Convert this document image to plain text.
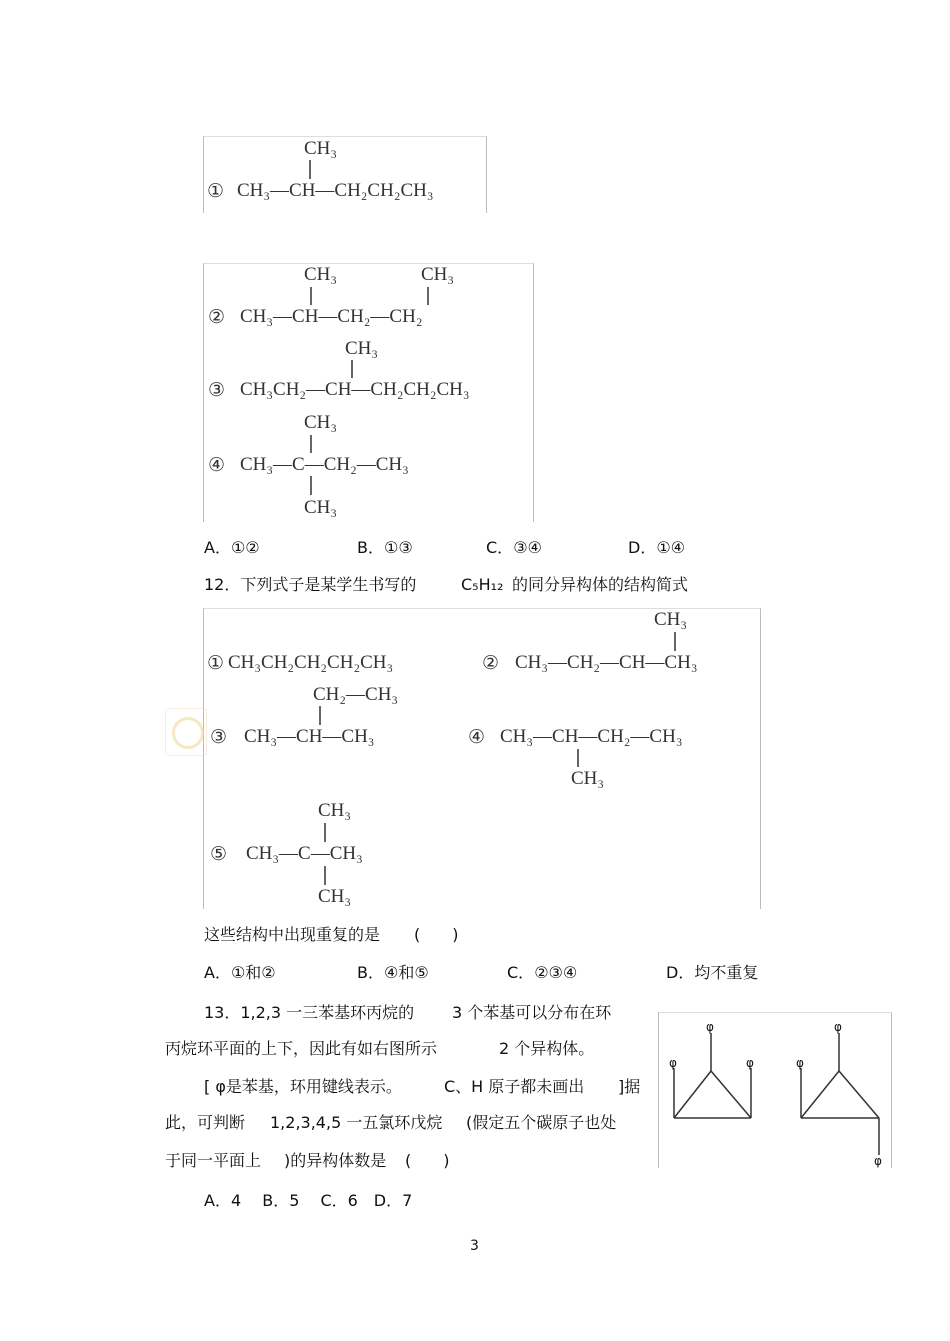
CH₃
① CH₃—CH—CH₂CH₂CH₃
CH₃	CH₃
② CH₃—CH—CH₂—CH₂
CH₃
③ CH₃CH₂—CH—CH₂CH₂CH₃
CH₃
④ CH₃—C—CH₂—CH₃
CH₃
A．①②	B．①③	C．③④	D．①④
12．下列式子是某学生书写的	C₅H₁₂ 的同分异构体的结构简式
① CH₃CH₂CH₂CH₂CH₃
CH₃
② CH₃—CH₂—CH—CH₃
CH₂—CH₃
③ CH₃—CH—CH₃	④ CH₃—CH—CH₂—CH₃
CH₃
CH₃
⑤ CH₃—C—CH₃
CH₃
这些结构中出现重复的是 (　　)
A．①和②	B．④和⑤	C．②③④	D．均不重复
13．1,2,3 一三苯基环丙烷的 3 个苯基可以分布在环
丙烷环平面的上下，因此有如右图所示	2 个异构体。
[ φ是苯基，环用键线表示。	C、H 原子都未画出 ]据
此，可判断 1,2,3,4,5 一五氯环戊烷 (假定五个碳原子也处
于同一平面上 )的异构体数是 (　　)
A．4　 B．5　 C．6　D．7
φ
φ	φ
φ
φ
φ
3
